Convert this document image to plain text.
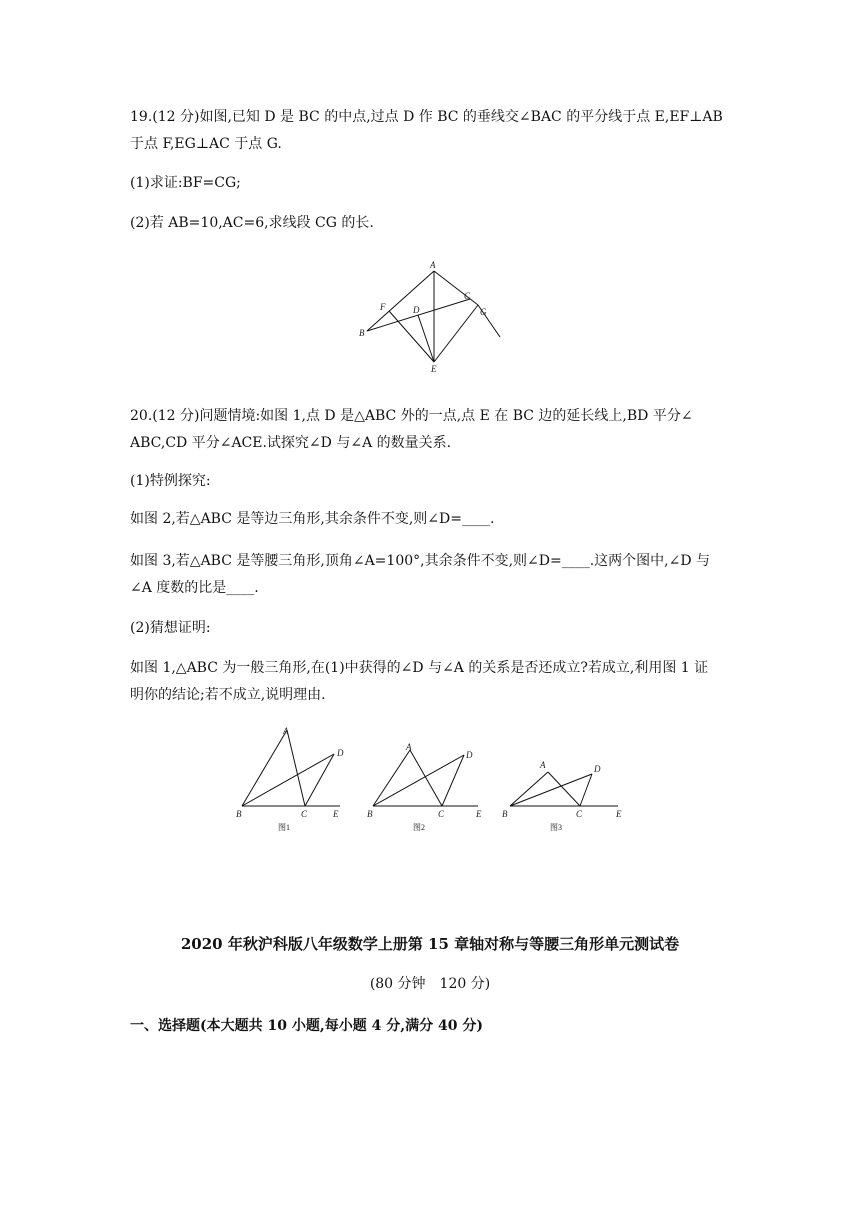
19.(12 分)如图,已知 D 是 BC 的中点,过点 D 作 BC 的垂线交∠BAC 的平分线于点 E,EF⊥AB
于点 F,EG⊥AC 于点 G.
(1)求证:BF=CG;
(2)若 AB=10,AC=6,求线段 CG 的长.
A
B
C
D
E
F	G
20.(12 分)问题情境:如图 1,点 D 是△ABC 外的一点,点 E 在 BC 边的延长线上,BD 平分∠
ABC,CD 平分∠ACE.试探究∠D 与∠A 的数量关系.
(1)特例探究:
如图 2,若△ABC 是等边三角形,其余条件不变,则∠D=____.
如图 3,若△ABC 是等腰三角形,顶角∠A=100°,其余条件不变,则∠D=____.这两个图中,∠D 与
∠A 度数的比是____.
(2)猜想证明:
如图 1,△ABC 为一般三角形,在(1)中获得的∠D 与∠A 的关系是否还成立?若成立,利用图 1 证
明你的结论;若不成立,说明理由.
A
B	C
D
E
图1
A
B	C
D
E
图2
A
B	C
D
E
图3
2020 年秋沪科版八年级数学上册第 15 章轴对称与等腰三角形单元测试卷
(80 分钟　120 分)
一、选择题(本大题共 10 小题,每小题 4 分,满分 40 分)
